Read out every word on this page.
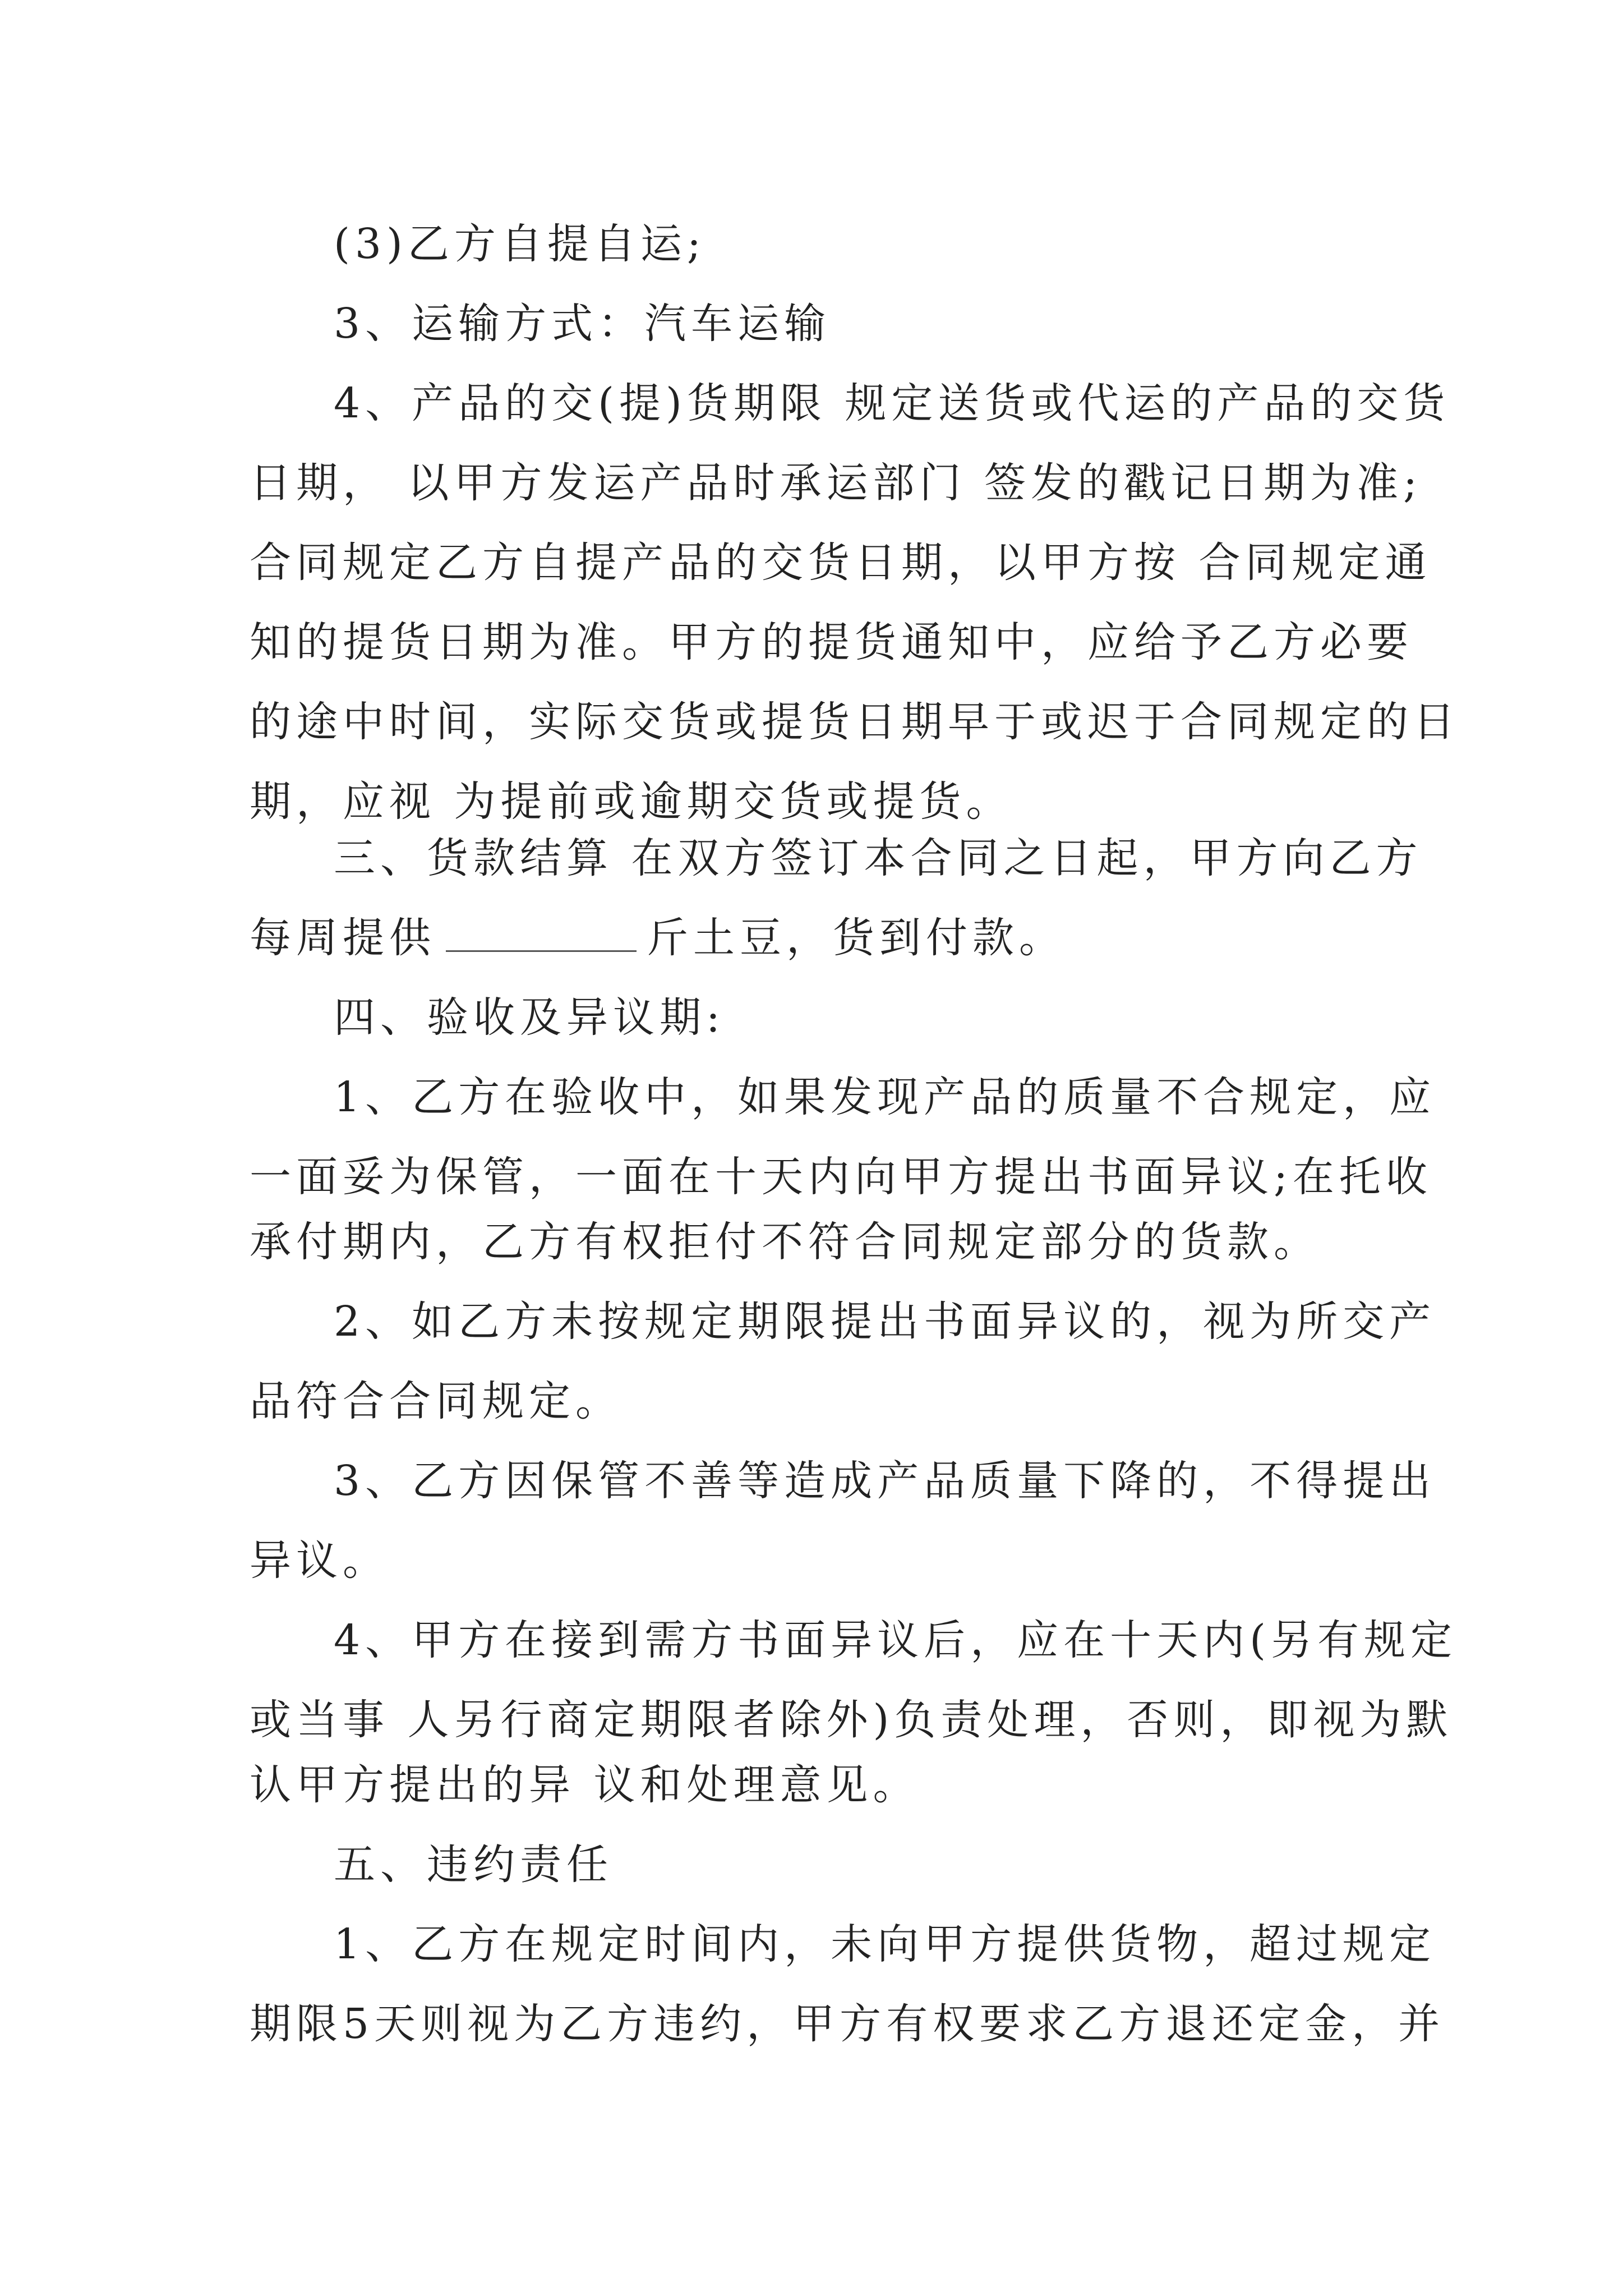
(3)乙方自提自运;
3、运输方式：汽车运输
4、产品的交(提)货期限 规定送货或代运的产品的交货
日期， 以甲方发运产品时承运部门 签发的戳记日期为准;
合同规定乙方自提产品的交货日期，以甲方按 合同规定通
知的提货日期为准。甲方的提货通知中，应给予乙方必要
的途中时间，实际交货或提货日期早于或迟于合同规定的日
期，应视 为提前或逾期交货或提货。
三、货款结算 在双方签订本合同之日起，甲方向乙方
每周提供	斤土豆，货到付款。
四、验收及异议期:
1、乙方在验收中，如果发现产品的质量不合规定，应
一面妥为保管，一面在十天内向甲方提出书面异议;在托收
承付期内，乙方有权拒付不符合同规定部分的货款。
2、如乙方未按规定期限提出书面异议的，视为所交产
品符合合同规定。
3、乙方因保管不善等造成产品质量下降的，不得提出
异议。
4、甲方在接到需方书面异议后，应在十天内(另有规定
或当事 人另行商定期限者除外)负责处理，否则，即视为默
认甲方提出的异 议和处理意见。
五、违约责任
1、乙方在规定时间内，未向甲方提供货物，超过规定
期限5天则视为乙方违约，甲方有权要求乙方退还定金，并
